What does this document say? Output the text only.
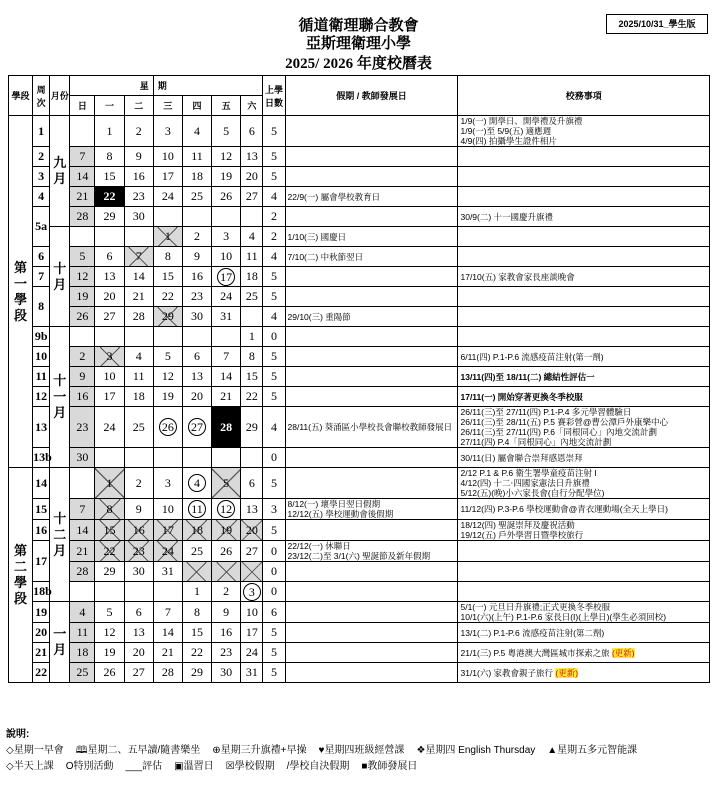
循道衛理聯合教會
亞斯理衛理小學
2025/ 2026 年度校曆表
2025/10/31_學生版
學段	周次	月份	星			期				上學日數	假期 / 教師發展日	校務事項
			日	一	二	三	四	五	六			
第
一
學
段	1	九
月		1	2	3	4	5	6	5		1/9(一) 開學日、開學禮及升旗禮
1/9(一)至 5/9(五) 適應週
4/9(四) 拍攝學生證件相片
	2		7	8	9	10	11	12	13	5		
	3		14	15	16	17	18	19	20	5		
	4		21	22	23	24	25	26	27	4	22/9(一) 屬會學校教育日	
	5a		28	29	30					2		30/9(二) 十一國慶升旗禮
		十
月				1	2	3	4	2	1/10(三) 國慶日	
	6		5	6	7	8	9	10	11	4	7/10(二) 中秋節翌日	
	7		12	13	14	15	16	17	18	5		17/10(五) 家教會家長座談晚會
	8		19	20	21	22	23	24	25	5		
			26	27	28	29	30	31		4	29/10(三) 重陽節	
	9b	十
一
月							1	0		
	10		2	3	4	5	6	7	8	5		6/11(四) P.1-P.6 流感疫苗注射(第一劑)
	11		9	10	11	12	13	14	15	5		13/11(四)至 18/11(二) 總結性評估一
	12		16	17	18	19	20	21	22	5		17/11(一) 開始穿著更換冬季校服
	13		23	24	25	26	27	28	29	4	28/11(五) 葵涌區小學校長會聯校教師發展日	26/11(三)至 27/11(四) P.1-P.4 多元學習體驗日
26/11(三)至 28/11(五) P.5 賽彩營@曹公潭戶外康樂中心
26/11(三)至 27/11(四) P.6「同根同心」內地交流計劃
27/11(四) P.4「同根同心」內地交流計劃
	13b		30							0		30/11(日) 屬會聯合崇拜感恩崇拜
第
二
學
段	14	十
二
月		1	2	3	4	5	6	5		2/12 P.1 & P.6 衛生署學童疫苗注射 I
4/12(四) 十二‧四國家憲法日升旗禮
5/12(五)(晚)小六家長會(自行分配學位)
	15		7	8	9	10	11	12	13	3	8/12(一) 壞學日翌日假期
12/12(五) 學校運動會後假期	11/12(四) P.3-P.6 學校運動會@青衣運動場(全天上學日)
	16		14	15	16	17	18	19	20	5		18/12(四) 聖誕崇拜及慶祝活動
19/12(五) 戶外學習日暨學校旅行
	17		21	22	23	24	25	26	27	0	22/12(一) 休聯日
23/12(二)至 3/1(六) 聖誕節及新年假期	
			28	29	30	31				0		
	18b						1	2	3	0		
	19	一
月	4	5	6	7	8	9	10	6		5/1(一) 元旦日升旗禮;正式更換冬季校服
10/1(六)(上午) P.1-P.6 家長日(I)(上學日)(學生必須回校)
	20		11	12	13	14	15	16	17	5		13/1(二) P.1-P.6 流感疫苗注射(第二劑)
	21		18	19	20	21	22	23	24	5		21/1(三) P.5 粵港澳大灣區城市探索之旅 (更新)
	22		25	26	27	28	29	30	31	5		31/1(六) 家教會親子旅行 (更新)
說明:
◇星期一早會 🕮星期二、五早讀/隨書樂坐 ⊕星期三升旗禮+早操 ♥星期四班級經營課 ❖星期四 English Thursday ▲星期五多元智能課
◇半天上課 O特別活動 ___評估 ▣溫習日 ☒學校假期 /學校自決假期 ■教師發展日
